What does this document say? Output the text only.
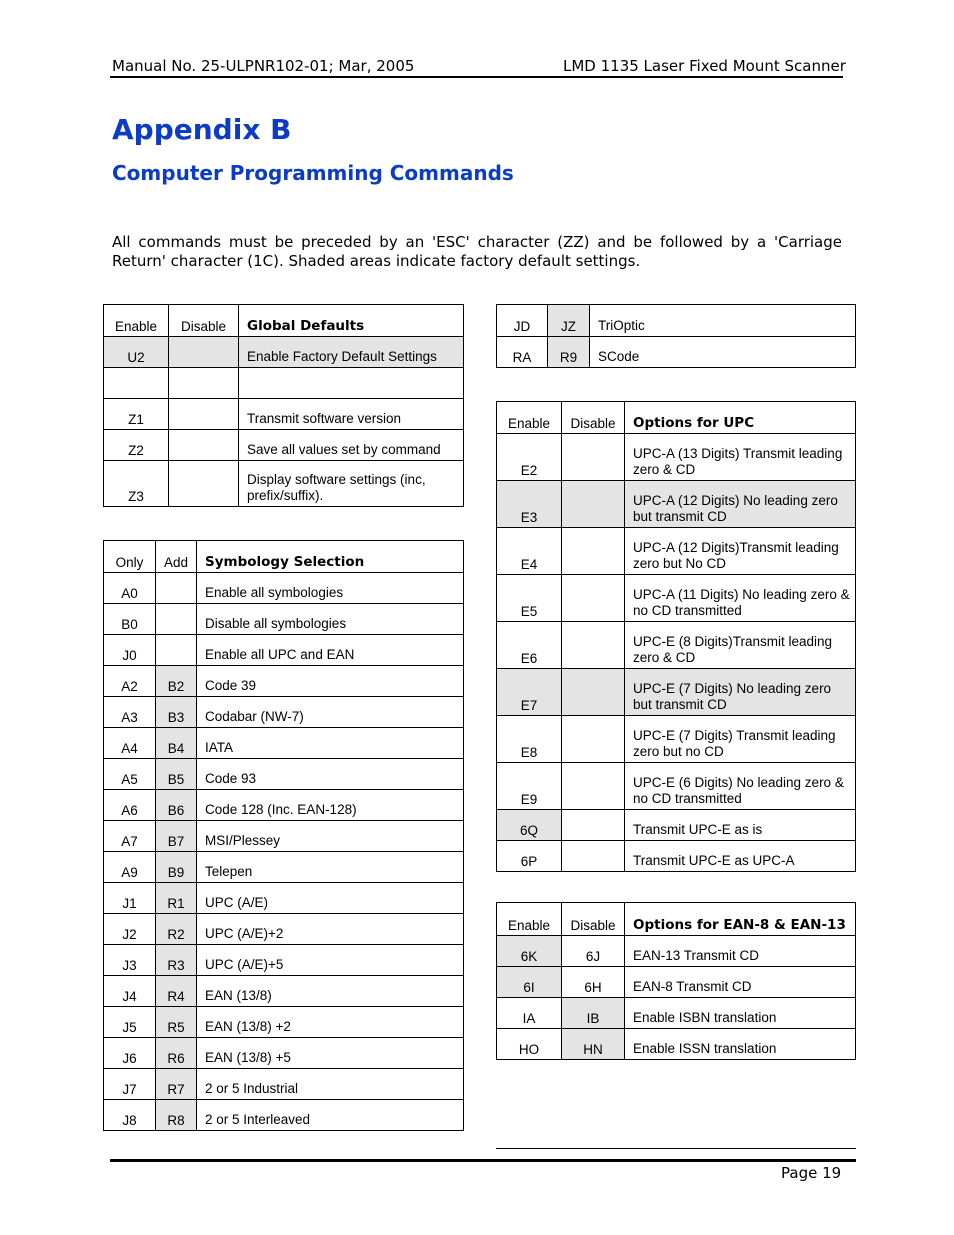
Manual No. 25-ULPNR102-01; Mar, 2005	LMD 1135 Laser Fixed Mount Scanner
Appendix B
Computer Programming Commands
All commands must be preceded by an 'ESC' character (ZZ) and be followed by a 'Carriage Return' character (1C). Shaded areas indicate factory default settings.
Enable	Disable	Global Defaults
U2		Enable Factory Default Settings

Z1		Transmit software version
Z2		Save all values set by command
Z3		Display software settings (inc, prefix/suffix).
Only	Add	Symbology Selection
A0		Enable all symbologies
B0		Disable all symbologies
J0		Enable all UPC and EAN
A2	B2	Code 39
A3	B3	Codabar (NW-7)
A4	B4	IATA
A5	B5	Code 93
A6	B6	Code 128 (Inc. EAN-128)
A7	B7	MSI/Plessey
A9	B9	Telepen
J1	R1	UPC (A/E)
J2	R2	UPC (A/E)+2
J3	R3	UPC (A/E)+5
J4	R4	EAN (13/8)
J5	R5	EAN (13/8) +2
J6	R6	EAN (13/8) +5
J7	R7	2 or 5 Industrial
J8	R8	2 or 5 Interleaved
JD	JZ	TriOptic
RA	R9	SCode
Enable	Disable	Options for UPC
E2		UPC-A (13 Digits) Transmit leading zero & CD
E3		UPC-A (12 Digits) No leading zero but transmit CD
E4		UPC-A (12 Digits)Transmit leading zero but No CD
E5		UPC-A (11 Digits) No leading zero & no CD transmitted
E6		UPC-E (8 Digits)Transmit leading zero & CD
E7		UPC-E (7 Digits) No leading zero but transmit CD
E8		UPC-E (7 Digits) Transmit leading zero but no CD
E9		UPC-E (6 Digits) No leading zero & no CD transmitted
6Q		Transmit UPC-E as is
6P		Transmit UPC-E as UPC-A
Enable	Disable	Options for EAN-8 & EAN-13
6K	6J	EAN-13 Transmit CD
6I	6H	EAN-8 Transmit CD
IA	IB	Enable ISBN translation
HO	HN	Enable ISSN translation
Page 19
